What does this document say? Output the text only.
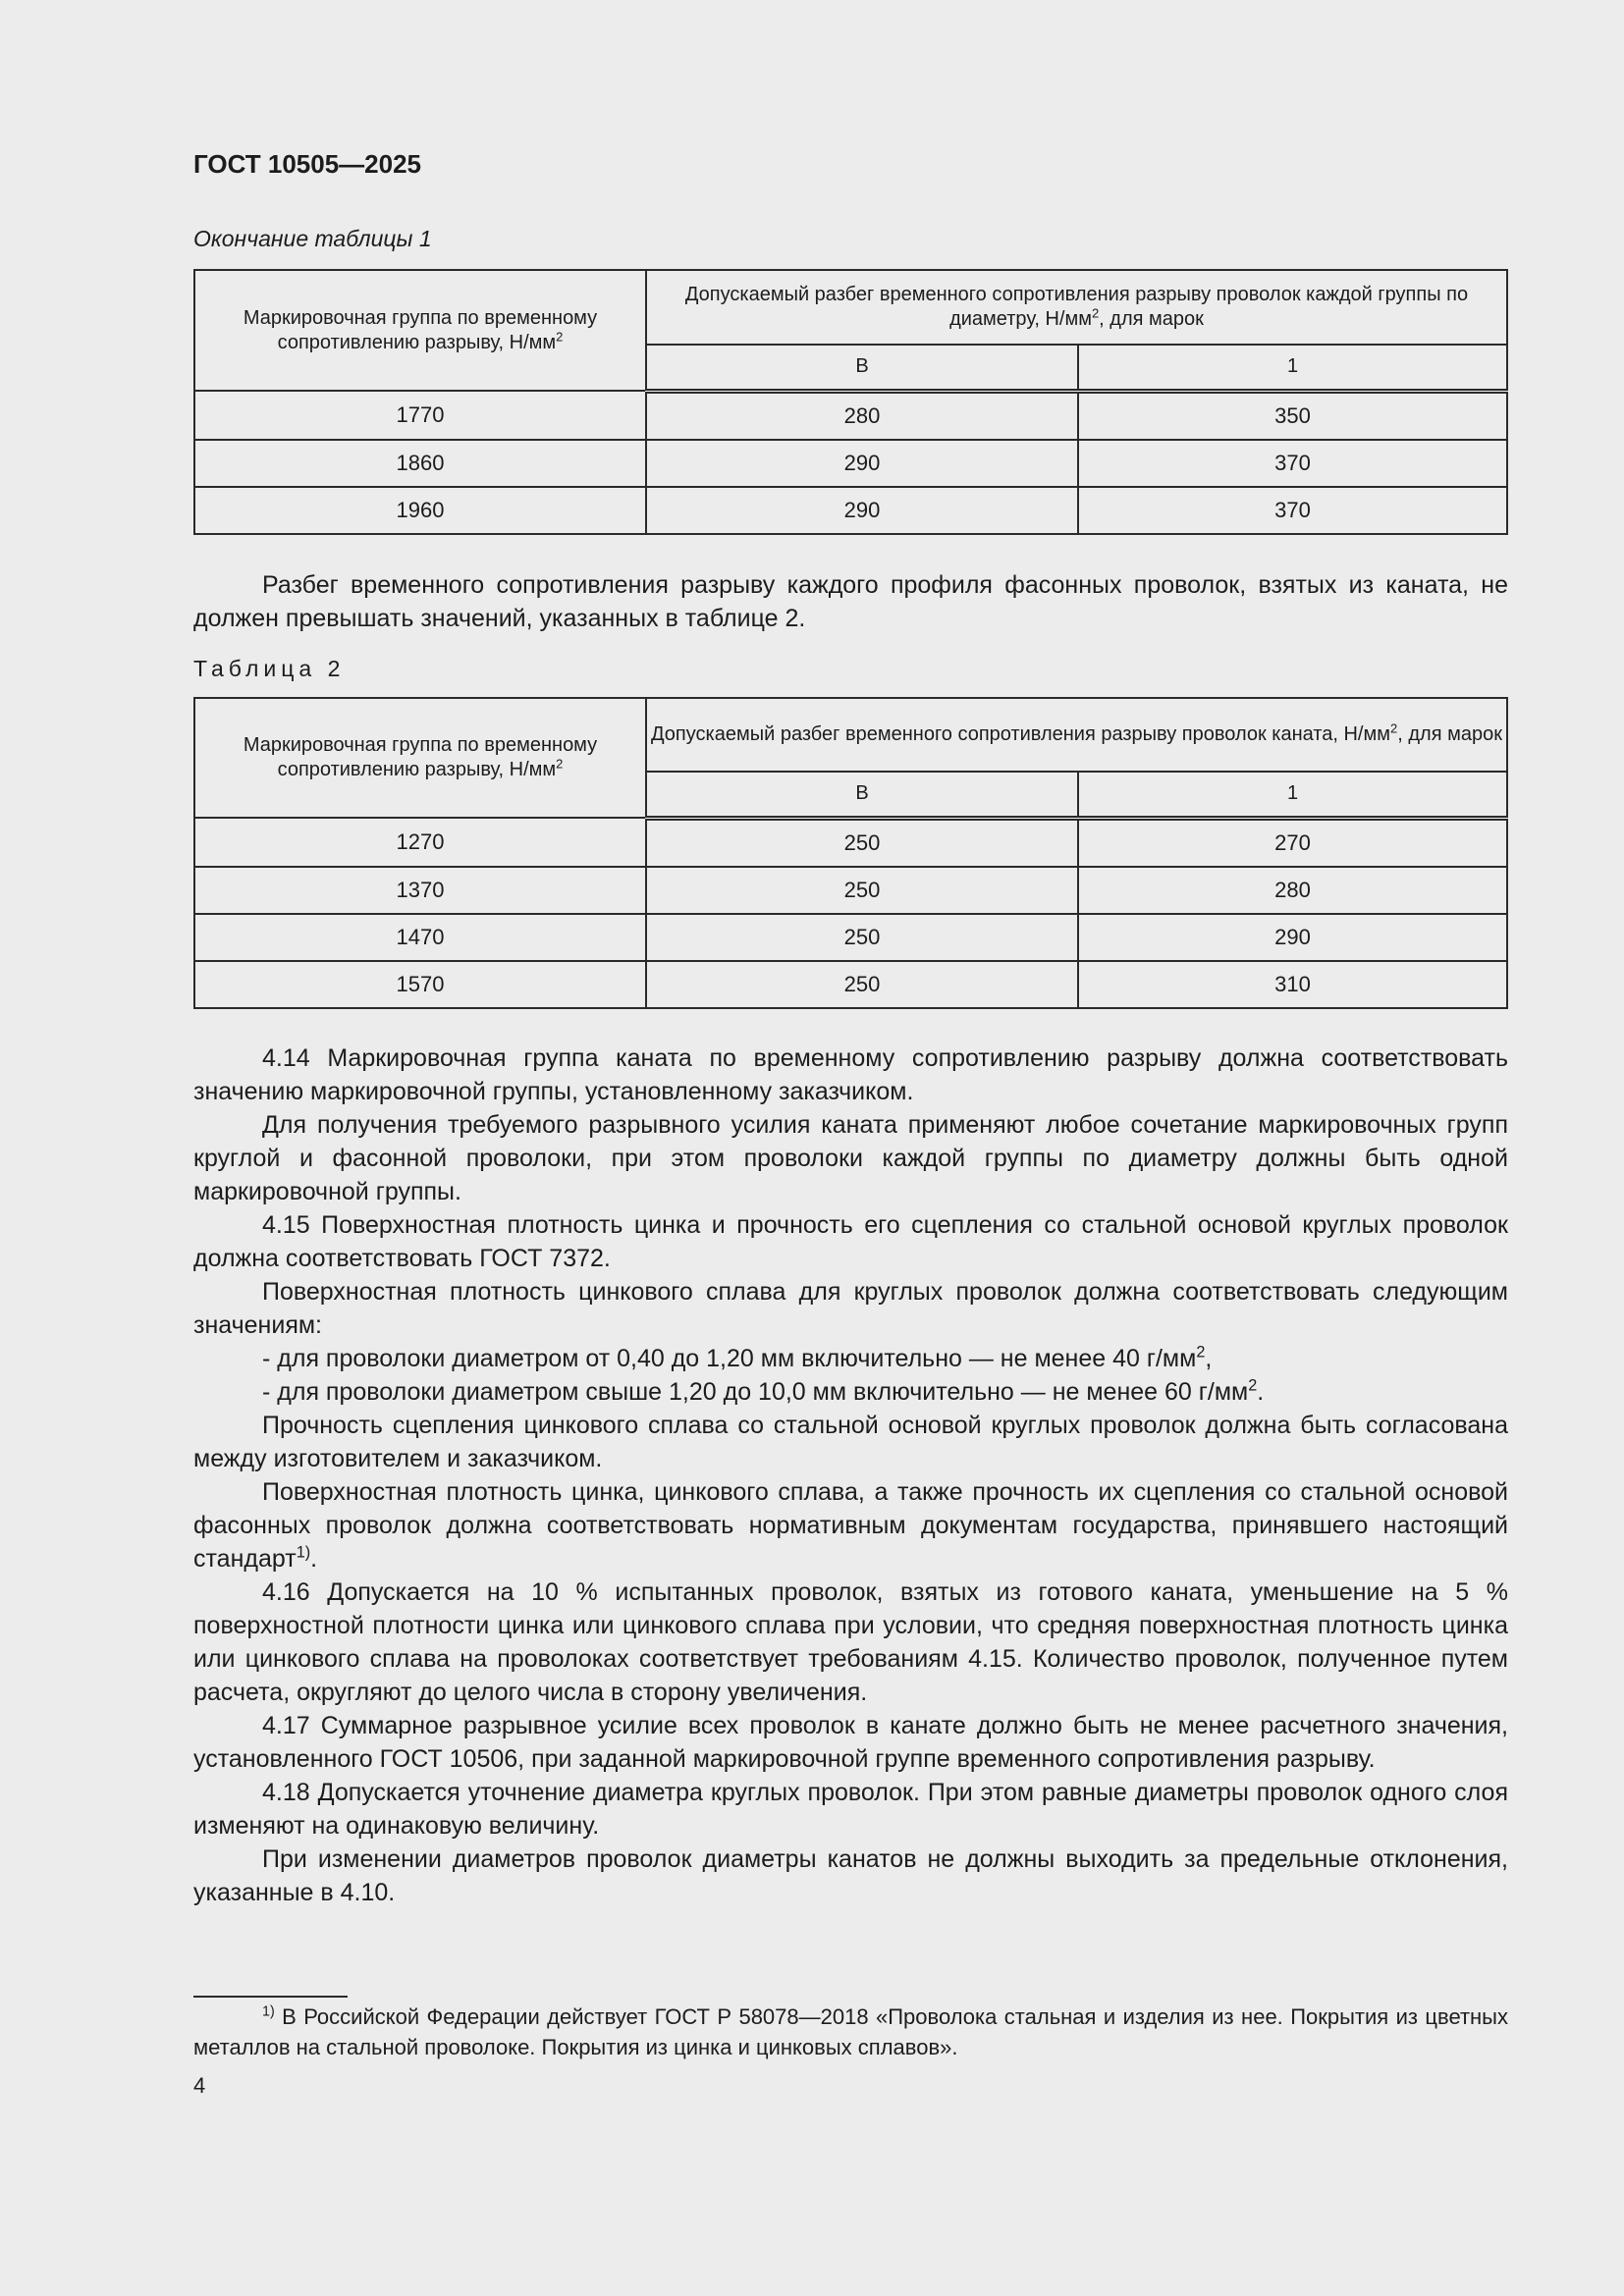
ГОСТ 10505—2025
Окончание таблицы 1
Маркировочная группа по временному сопротивлению разрыву, $Н/мм^2$	Допускаемый разбег временного сопротивления разрыву проволок каждой группы по диаметру, $Н/мм^2$, для марок	
	В	1
1770	280	350
1860	290	370
1960	290	370

Разбег временного сопротивления разрыву каждого профиля фасонных проволок, взятых из каната, не должен превышать значений, указанных в таблице 2.

Таблица 2
Маркировочная группа по временному сопротивлению разрыву, $Н/мм^2$	Допускаемый разбег временного сопротивления разрыву проволок каната, $Н/мм^2$, для марок	
	В	1
1270	250	270
1370	250	280
1470	250	290
1570	250	310

4.14 Маркировочная группа каната по временному сопротивлению разрыву должна соответствовать значению маркировочной группы, установленному заказчиком.

Для получения требуемого разрывного усилия каната применяют любое сочетание маркировочных групп круглой и фасонной проволоки, при этом проволоки каждой группы по диаметру должны быть одной маркировочной группы.

4.15 Поверхностная плотность цинка и прочность его сцепления со стальной основой круглых проволок должна соответствовать ГОСТ 7372.

Поверхностная плотность цинкового сплава для круглых проволок должна соответствовать следующим значениям:

- для проволоки диаметром от 0,40 до 1,20 мм включительно — не менее 40 $г/мм^2$,

- для проволоки диаметром свыше 1,20 до 10,0 мм включительно — не менее 60 $г/мм^2$.

Прочность сцепления цинкового сплава со стальной основой круглых проволок должна быть согласована между изготовителем и заказчиком.

Поверхностная плотность цинка, цинкового сплава, а также прочность их сцепления со стальной основой фасонных проволок должна соответствовать нормативным документам государства, принявшего настоящий стандарт$^{1)}$.

4.16 Допускается на 10 % испытанных проволок, взятых из готового каната, уменьшение на 5 % поверхностной плотности цинка или цинкового сплава при условии, что средняя поверхностная плотность цинка или цинкового сплава на проволоках соответствует требованиям 4.15. Количество проволок, полученное путем расчета, округляют до целого числа в сторону увеличения.

4.17 Суммарное разрывное усилие всех проволок в канате должно быть не менее расчетного значения, установленного ГОСТ 10506, при заданной маркировочной группе временного сопротивления разрыву.

4.18 Допускается уточнение диаметра круглых проволок. При этом равные диаметры проволок одного слоя изменяют на одинаковую величину.

При изменении диаметров проволок диаметры канатов не должны выходить за предельные отклонения, указанные в 4.10.

$^{1)}$ В Российской Федерации действует ГОСТ Р 58078—2018 «Проволока стальная и изделия из нее. Покрытия из цветных металлов на стальной проволоке. Покрытия из цинка и цинковых сплавов».

4
